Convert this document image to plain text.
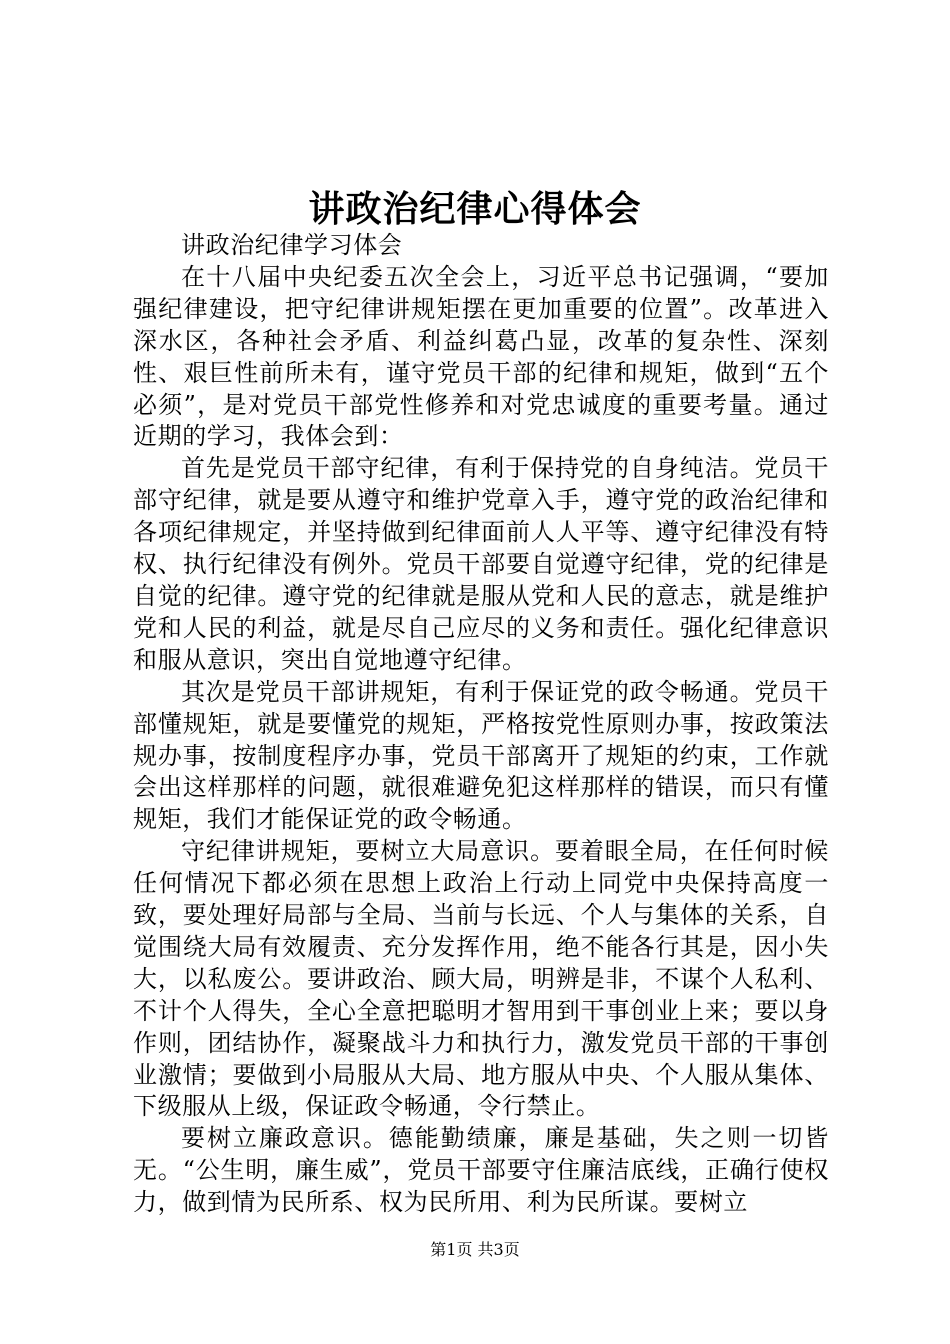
讲政治纪律心得体会

讲政治纪律学习体会

在十八届中央纪委五次全会上，习近平总书记强调，“要加强纪律建设，把守纪律讲规矩摆在更加重要的位置”。改革进入深水区，各种社会矛盾、利益纠葛凸显，改革的复杂性、深刻性、艰巨性前所未有，谨守党员干部的纪律和规矩，做到“五个必须”，是对党员干部党性修养和对党忠诚度的重要考量。通过近期的学习，我体会到：

首先是党员干部守纪律，有利于保持党的自身纯洁。党员干部守纪律，就是要从遵守和维护党章入手，遵守党的政治纪律和各项纪律规定，并坚持做到纪律面前人人平等、遵守纪律没有特权、执行纪律没有例外。党员干部要自觉遵守纪律，党的纪律是自觉的纪律。遵守党的纪律就是服从党和人民的意志，就是维护党和人民的利益，就是尽自己应尽的义务和责任。强化纪律意识和服从意识，突出自觉地遵守纪律。

其次是党员干部讲规矩，有利于保证党的政令畅通。党员干部懂规矩，就是要懂党的规矩，严格按党性原则办事，按政策法规办事，按制度程序办事，党员干部离开了规矩的约束，工作就会出这样那样的问题，就很难避免犯这样那样的错误，而只有懂规矩，我们才能保证党的政令畅通。

守纪律讲规矩，要树立大局意识。要着眼全局，在任何时候任何情况下都必须在思想上政治上行动上同党中央保持高度一致，要处理好局部与全局、当前与长远、个人与集体的关系，自觉围绕大局有效履责、充分发挥作用，绝不能各行其是，因小失大，以私废公。要讲政治、顾大局，明辨是非，不谋个人私利、不计个人得失，全心全意把聪明才智用到干事创业上来；要以身作则，团结协作，凝聚战斗力和执行力，激发党员干部的干事创业激情；要做到小局服从大局、地方服从中央、个人服从集体、下级服从上级，保证政令畅通，令行禁止。

要树立廉政意识。德能勤绩廉，廉是基础，失之则一切皆无。“公生明，廉生威”，党员干部要守住廉洁底线，正确行使权力，做到情为民所系、权为民所用、利为民所谋。要树立

第1页 共3页
